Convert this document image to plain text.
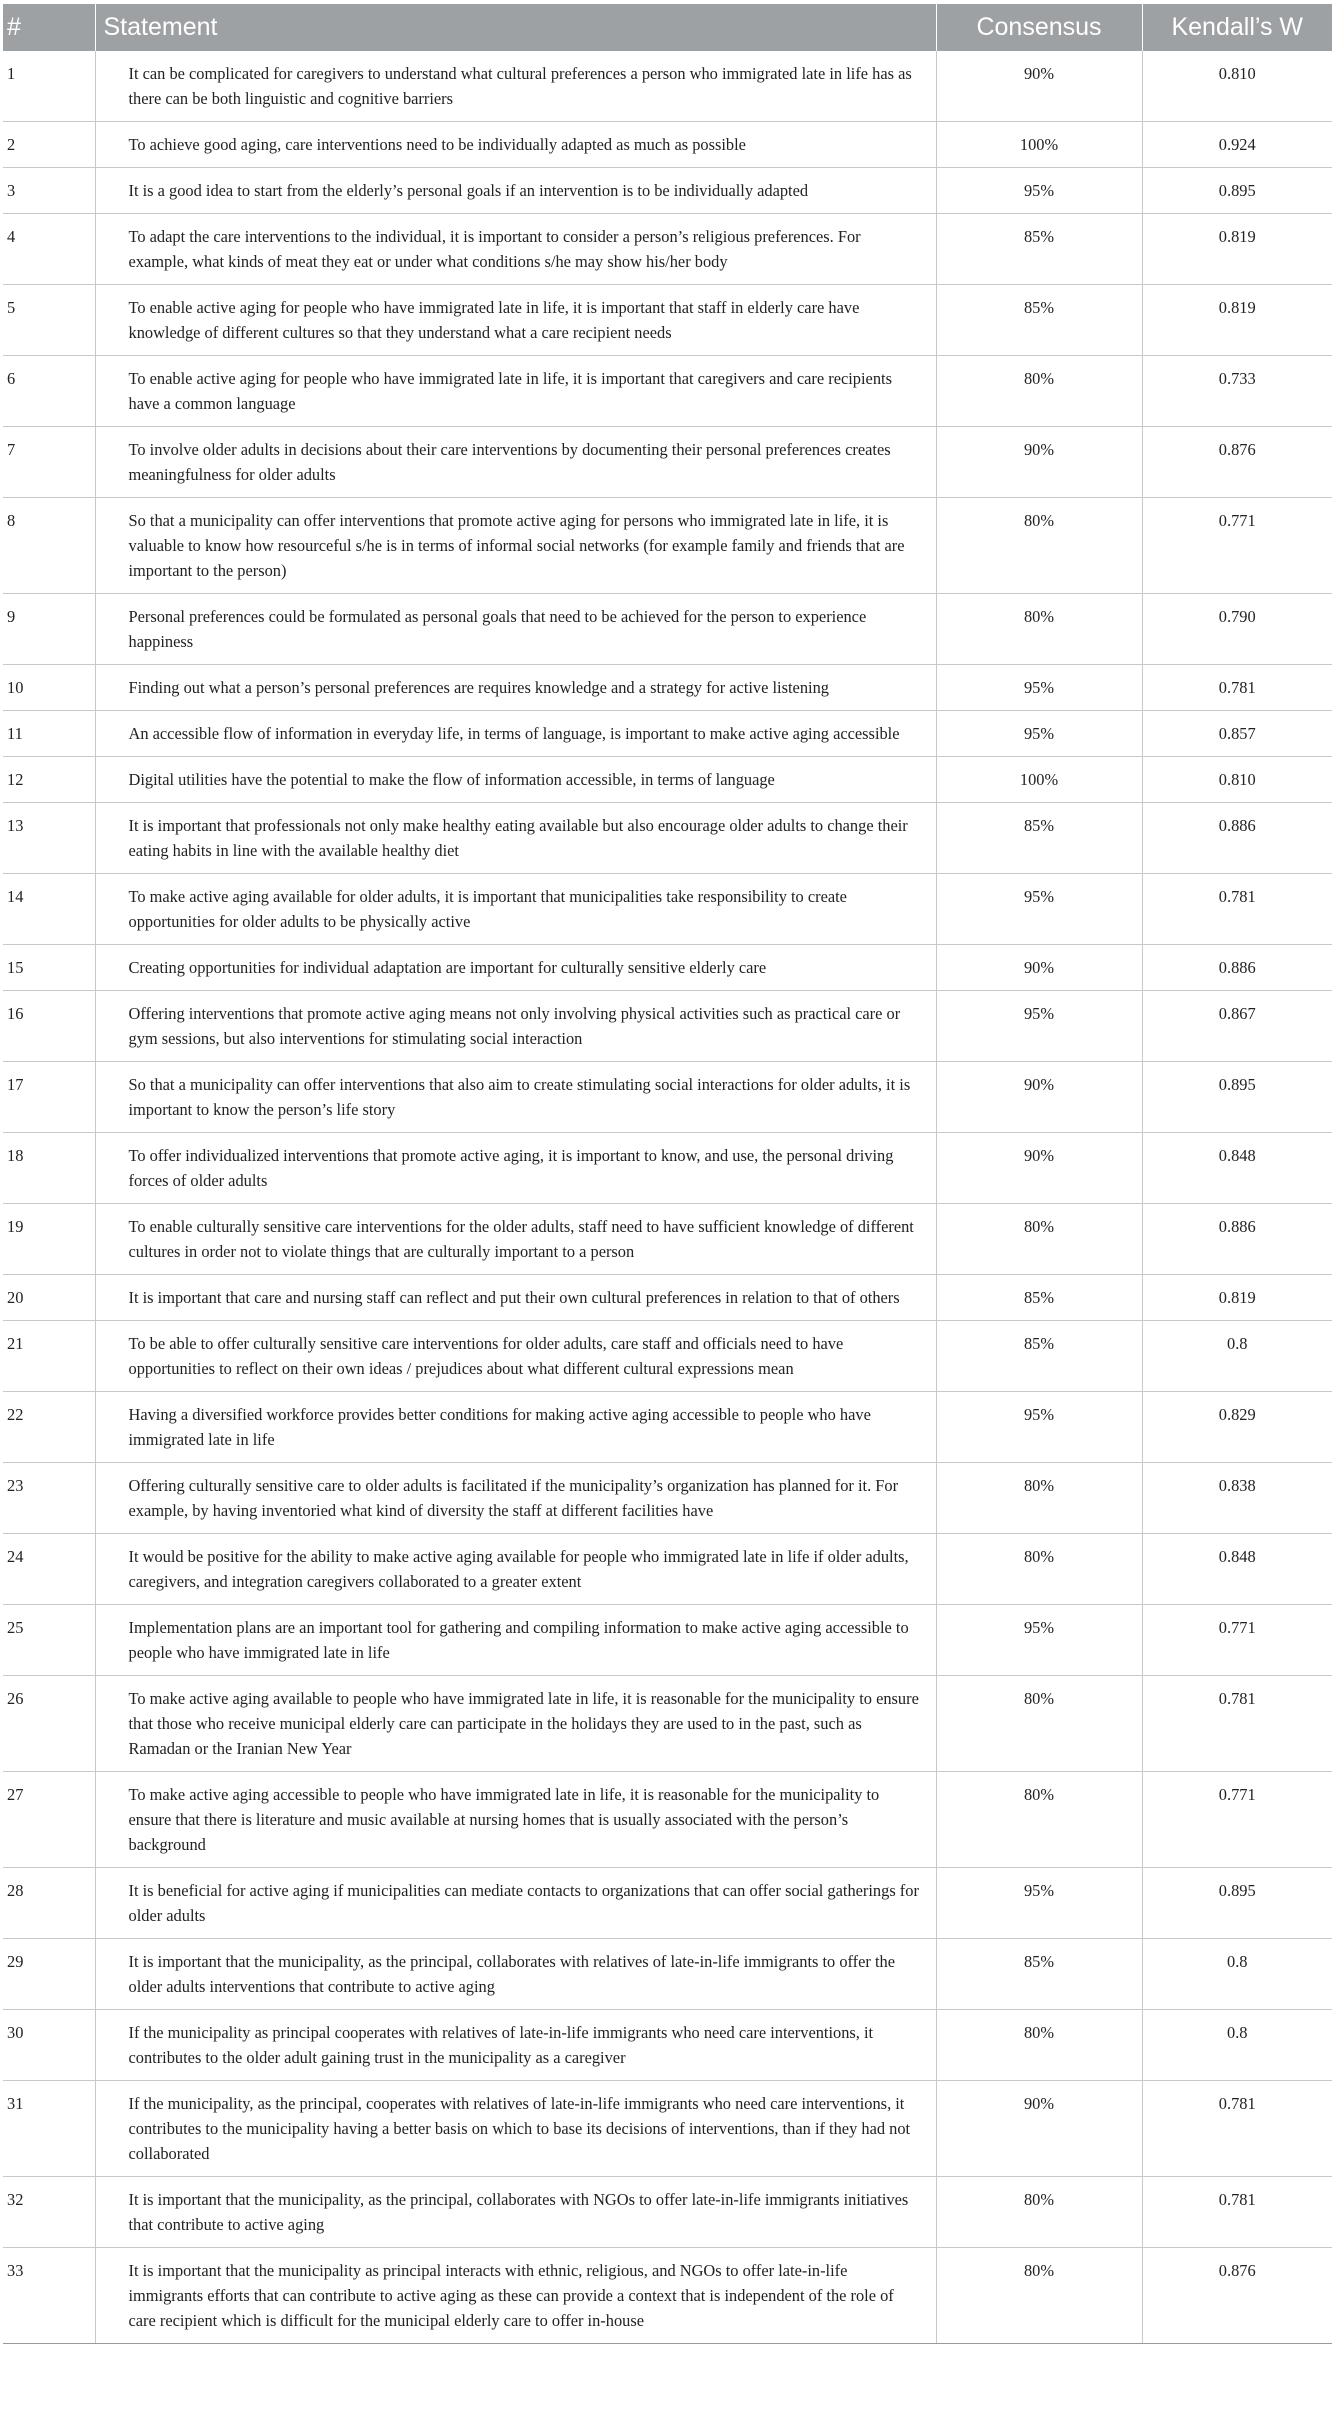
#	Statement	Consensus	Kendall’s W
1	It can be complicated for caregivers to understand what cultural preferences a person who immigrated late in life has as there can be both linguistic and cognitive barriers	90%	0.810
2	To achieve good aging, care interventions need to be individually adapted as much as possible	100%	0.924
3	It is a good idea to start from the elderly’s personal goals if an intervention is to be individually adapted	95%	0.895
4	To adapt the care interventions to the individual, it is important to consider a person’s religious preferences. For example, what kinds of meat they eat or under what conditions s/he may show his/her body	85%	0.819
5	To enable active aging for people who have immigrated late in life, it is important that staff in elderly care have knowledge of different cultures so that they understand what a care recipient needs	85%	0.819
6	To enable active aging for people who have immigrated late in life, it is important that caregivers and care recipients have a common language	80%	0.733
7	To involve older adults in decisions about their care interventions by documenting their personal preferences creates meaningfulness for older adults	90%	0.876
8	So that a municipality can offer interventions that promote active aging for persons who immigrated late in life, it is valuable to know how resourceful s/he is in terms of informal social networks (for example family and friends that are important to the person)	80%	0.771
9	Personal preferences could be formulated as personal goals that need to be achieved for the person to experience happiness	80%	0.790
10	Finding out what a person’s personal preferences are requires knowledge and a strategy for active listening	95%	0.781
11	An accessible flow of information in everyday life, in terms of language, is important to make active aging accessible	95%	0.857
12	Digital utilities have the potential to make the flow of information accessible, in terms of language	100%	0.810
13	It is important that professionals not only make healthy eating available but also encourage older adults to change their eating habits in line with the available healthy diet	85%	0.886
14	To make active aging available for older adults, it is important that municipalities take responsibility to create opportunities for older adults to be physically active	95%	0.781
15	Creating opportunities for individual adaptation are important for culturally sensitive elderly care	90%	0.886
16	Offering interventions that promote active aging means not only involving physical activities such as practical care or gym sessions, but also interventions for stimulating social interaction	95%	0.867
17	So that a municipality can offer interventions that also aim to create stimulating social interactions for older adults, it is important to know the person’s life story	90%	0.895
18	To offer individualized interventions that promote active aging, it is important to know, and use, the personal driving forces of older adults	90%	0.848
19	To enable culturally sensitive care interventions for the older adults, staff need to have sufficient knowledge of different cultures in order not to violate things that are culturally important to a person	80%	0.886
20	It is important that care and nursing staff can reflect and put their own cultural preferences in relation to that of others	85%	0.819
21	To be able to offer culturally sensitive care interventions for older adults, care staff and officials need to have opportunities to reflect on their own ideas / prejudices about what different cultural expressions mean	85%	0.8
22	Having a diversified workforce provides better conditions for making active aging accessible to people who have immigrated late in life	95%	0.829
23	Offering culturally sensitive care to older adults is facilitated if the municipality’s organization has planned for it. For example, by having inventoried what kind of diversity the staff at different facilities have	80%	0.838
24	It would be positive for the ability to make active aging available for people who immigrated late in life if older adults, caregivers, and integration caregivers collaborated to a greater extent	80%	0.848
25	Implementation plans are an important tool for gathering and compiling information to make active aging accessible to people who have immigrated late in life	95%	0.771
26	To make active aging available to people who have immigrated late in life, it is reasonable for the municipality to ensure that those who receive municipal elderly care can participate in the holidays they are used to in the past, such as Ramadan or the Iranian New Year	80%	0.781
27	To make active aging accessible to people who have immigrated late in life, it is reasonable for the municipality to ensure that there is literature and music available at nursing homes that is usually associated with the person’s background	80%	0.771
28	It is beneficial for active aging if municipalities can mediate contacts to organizations that can offer social gatherings for older adults	95%	0.895
29	It is important that the municipality, as the principal, collaborates with relatives of late-in-life immigrants to offer the older adults interventions that contribute to active aging	85%	0.8
30	If the municipality as principal cooperates with relatives of late-in-life immigrants who need care interventions, it contributes to the older adult gaining trust in the municipality as a caregiver	80%	0.8
31	If the municipality, as the principal, cooperates with relatives of late-in-life immigrants who need care interventions, it contributes to the municipality having a better basis on which to base its decisions of interventions, than if they had not collaborated	90%	0.781
32	It is important that the municipality, as the principal, collaborates with NGOs to offer late-in-life immigrants initiatives that contribute to active aging	80%	0.781
33	It is important that the municipality as principal interacts with ethnic, religious, and NGOs to offer late-in-life immigrants efforts that can contribute to active aging as these can provide a context that is independent of the role of care recipient which is difficult for the municipal elderly care to offer in-house	80%	0.876
